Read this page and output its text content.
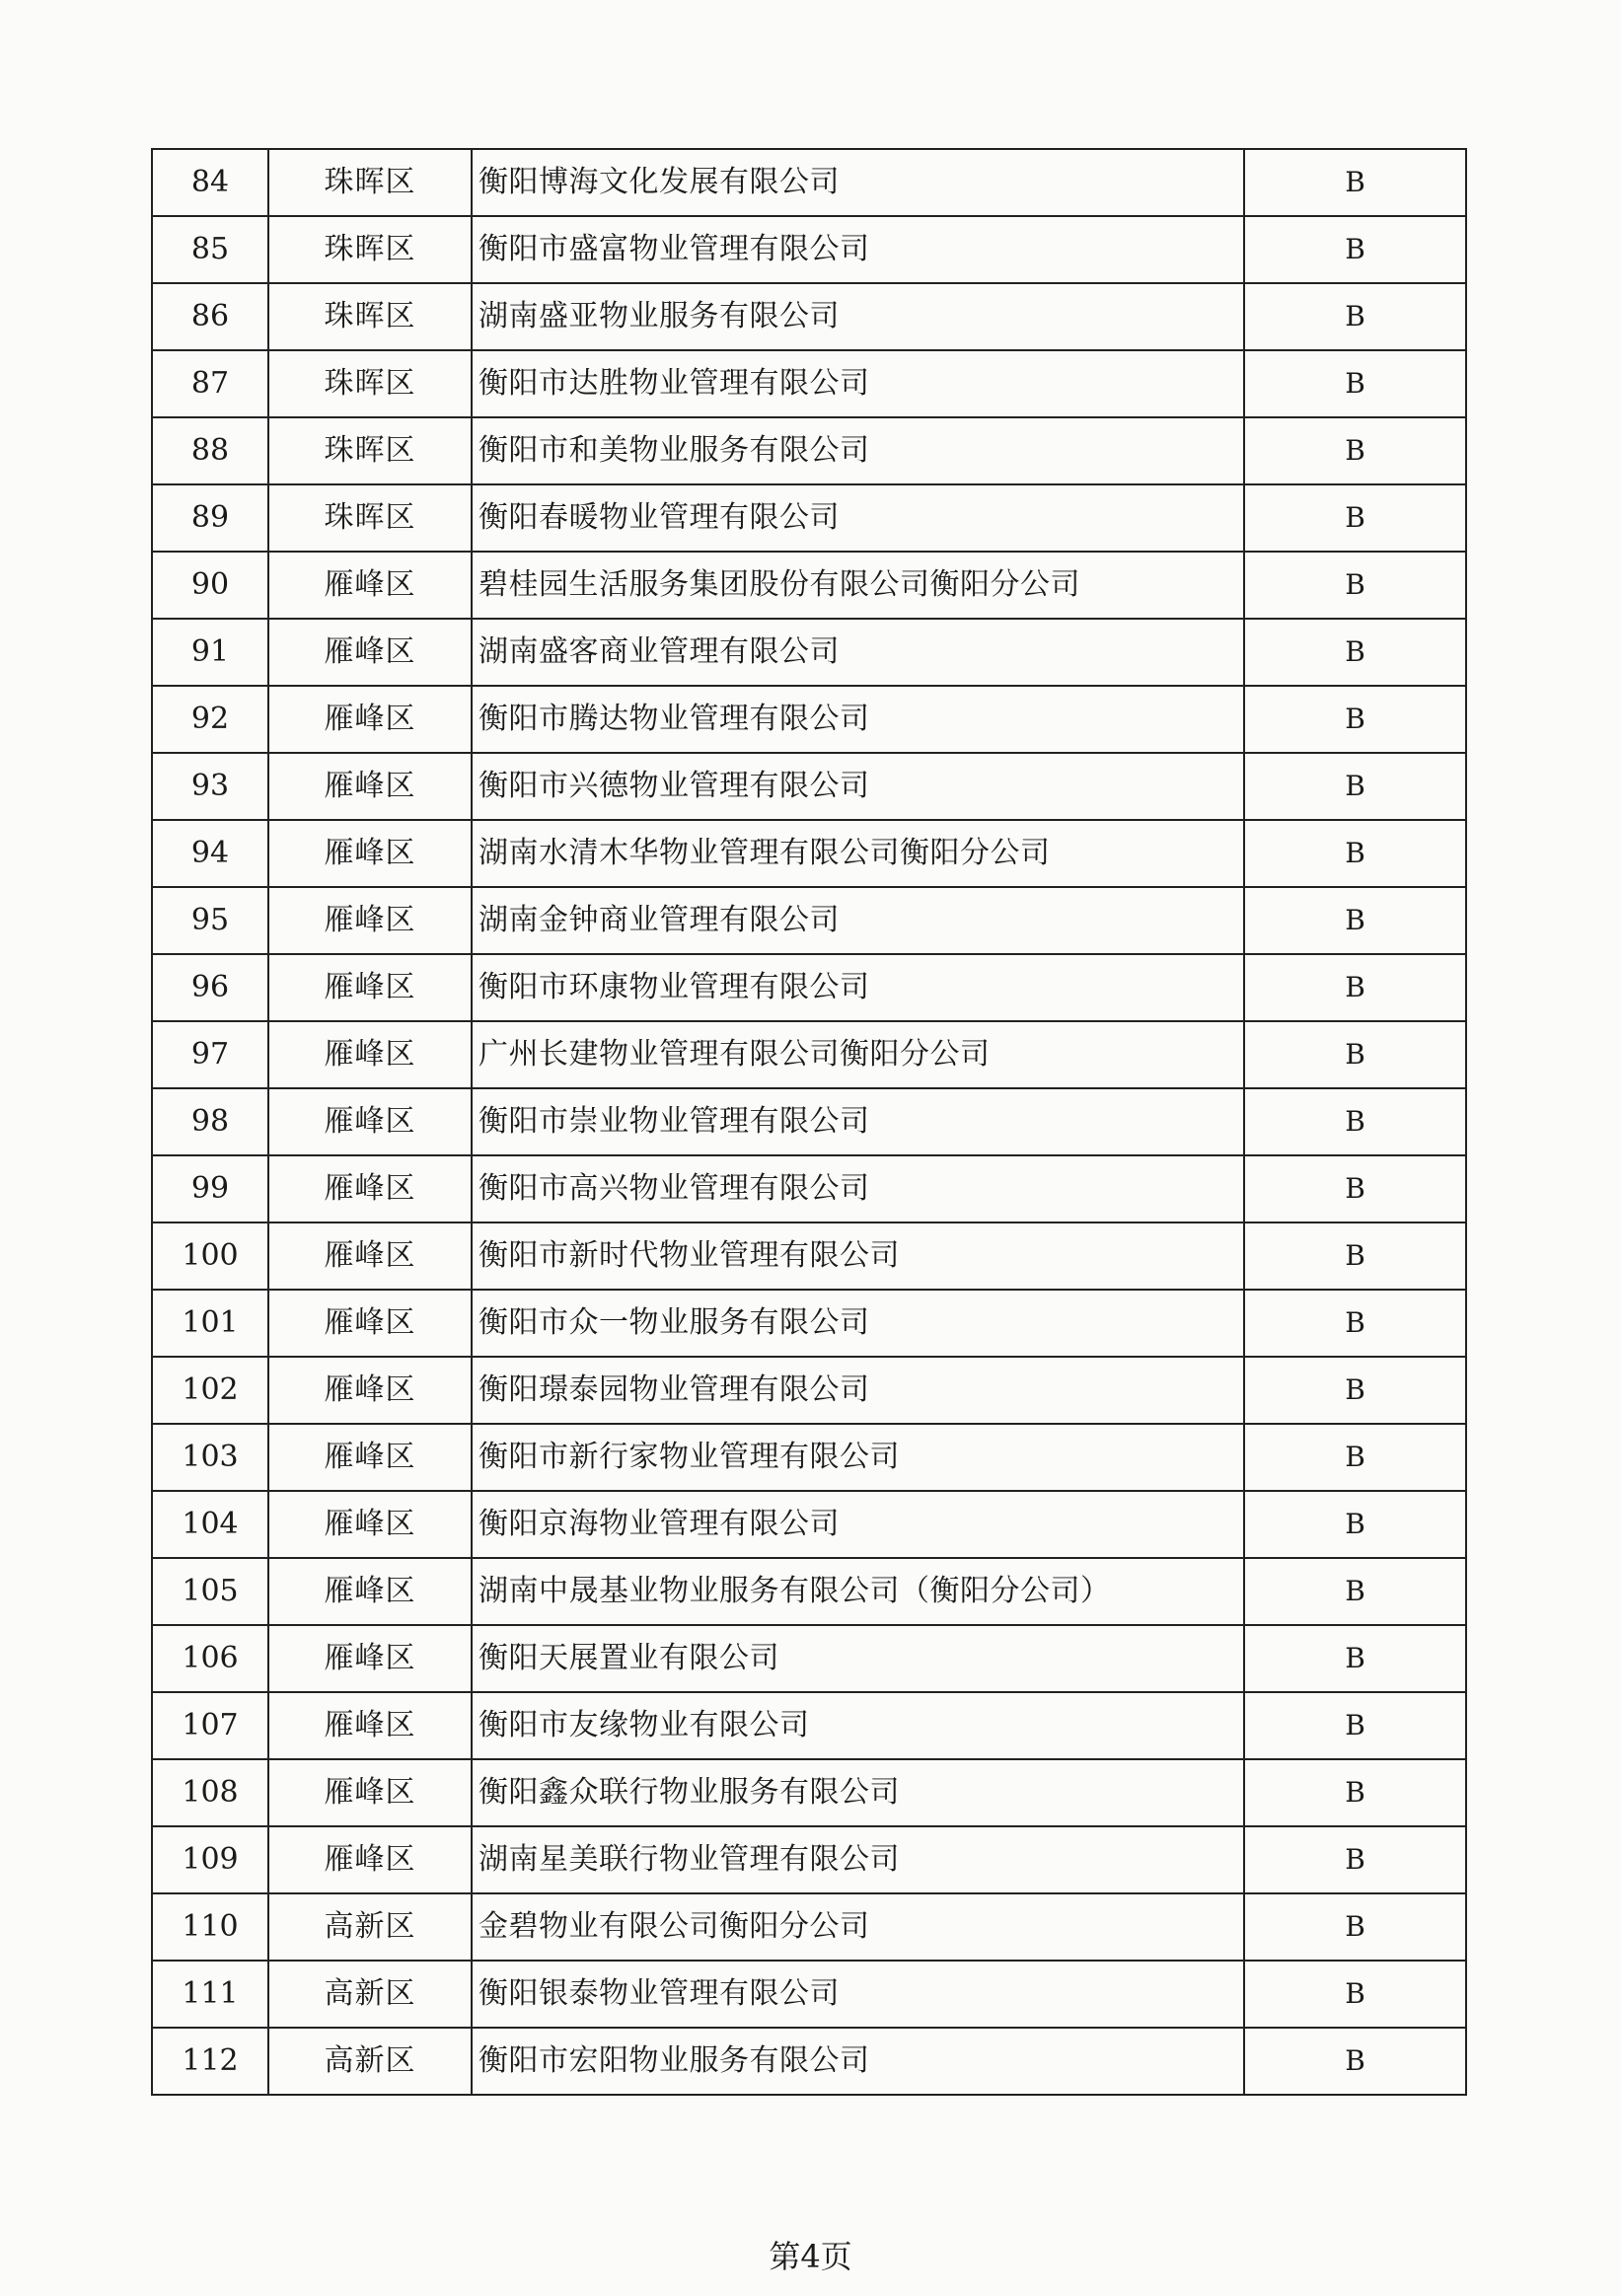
84	珠晖区	衡阳博海文化发展有限公司	B
85	珠晖区	衡阳市盛富物业管理有限公司	B
86	珠晖区	湖南盛亚物业服务有限公司	B
87	珠晖区	衡阳市达胜物业管理有限公司	B
88	珠晖区	衡阳市和美物业服务有限公司	B
89	珠晖区	衡阳春暖物业管理有限公司	B
90	雁峰区	碧桂园生活服务集团股份有限公司衡阳分公司	B
91	雁峰区	湖南盛客商业管理有限公司	B
92	雁峰区	衡阳市腾达物业管理有限公司	B
93	雁峰区	衡阳市兴德物业管理有限公司	B
94	雁峰区	湖南水清木华物业管理有限公司衡阳分公司	B
95	雁峰区	湖南金钟商业管理有限公司	B
96	雁峰区	衡阳市环康物业管理有限公司	B
97	雁峰区	广州长建物业管理有限公司衡阳分公司	B
98	雁峰区	衡阳市崇业物业管理有限公司	B
99	雁峰区	衡阳市高兴物业管理有限公司	B
100	雁峰区	衡阳市新时代物业管理有限公司	B
101	雁峰区	衡阳市众一物业服务有限公司	B
102	雁峰区	衡阳璟泰园物业管理有限公司	B
103	雁峰区	衡阳市新行家物业管理有限公司	B
104	雁峰区	衡阳京海物业管理有限公司	B
105	雁峰区	湖南中晟基业物业服务有限公司（衡阳分公司）	B
106	雁峰区	衡阳天展置业有限公司	B
107	雁峰区	衡阳市友缘物业有限公司	B
108	雁峰区	衡阳鑫众联行物业服务有限公司	B
109	雁峰区	湖南星美联行物业管理有限公司	B
110	高新区	金碧物业有限公司衡阳分公司	B
111	高新区	衡阳银泰物业管理有限公司	B
112	高新区	衡阳市宏阳物业服务有限公司	B
第4页
